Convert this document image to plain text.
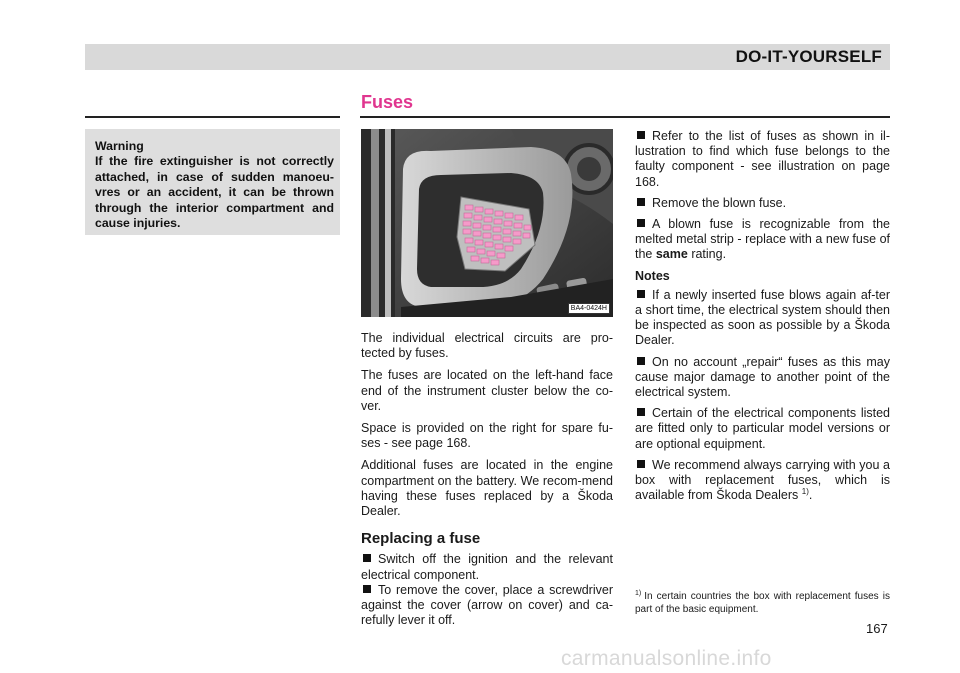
DO-IT-YOURSELF
Fuses
Warning
If the fire extinguisher is not correctly attached, in case of sudden manoeu-vres or an accident, it can be thrown through the interior compartment and cause injuries.
BA4-0424H

The individual electrical circuits are pro-tected by fuses.

The fuses are located on the left-hand face end of the instrument cluster below the co-ver.

Space is provided on the right for spare fu-ses - see page 168.

Additional fuses are located in the engine compartment on the battery. We recom-mend having these fuses replaced by a Škoda Dealer.

Replacing a fuse
Switch off the ignition and the relevant electrical component.
To remove the cover, place a screwdriver against the cover (arrow on cover) and ca-refully lever it off.
Refer to the list of fuses as shown in il-lustration to find which fuse belongs to the faulty component - see illustration on page 168.
Remove the blown fuse.
A blown fuse is recognizable from the melted metal strip - replace with a new fuse of the same rating.
Notes
If a newly inserted fuse blows again af-ter a short time, the electrical system should then be inspected as soon as possible by a Škoda Dealer.
On no account „repair“ fuses as this may cause major damage to another point of the electrical system.
Certain of the electrical components listed are fitted only to particular model versions or are optional equipment.
We recommend always carrying with you a box with replacement fuses, which is available from Škoda Dealers $^{1)}$.
$^{1)}$ In certain countries the box with replacement fuses is part of the basic equipment.
167
carmanualsonline.info
